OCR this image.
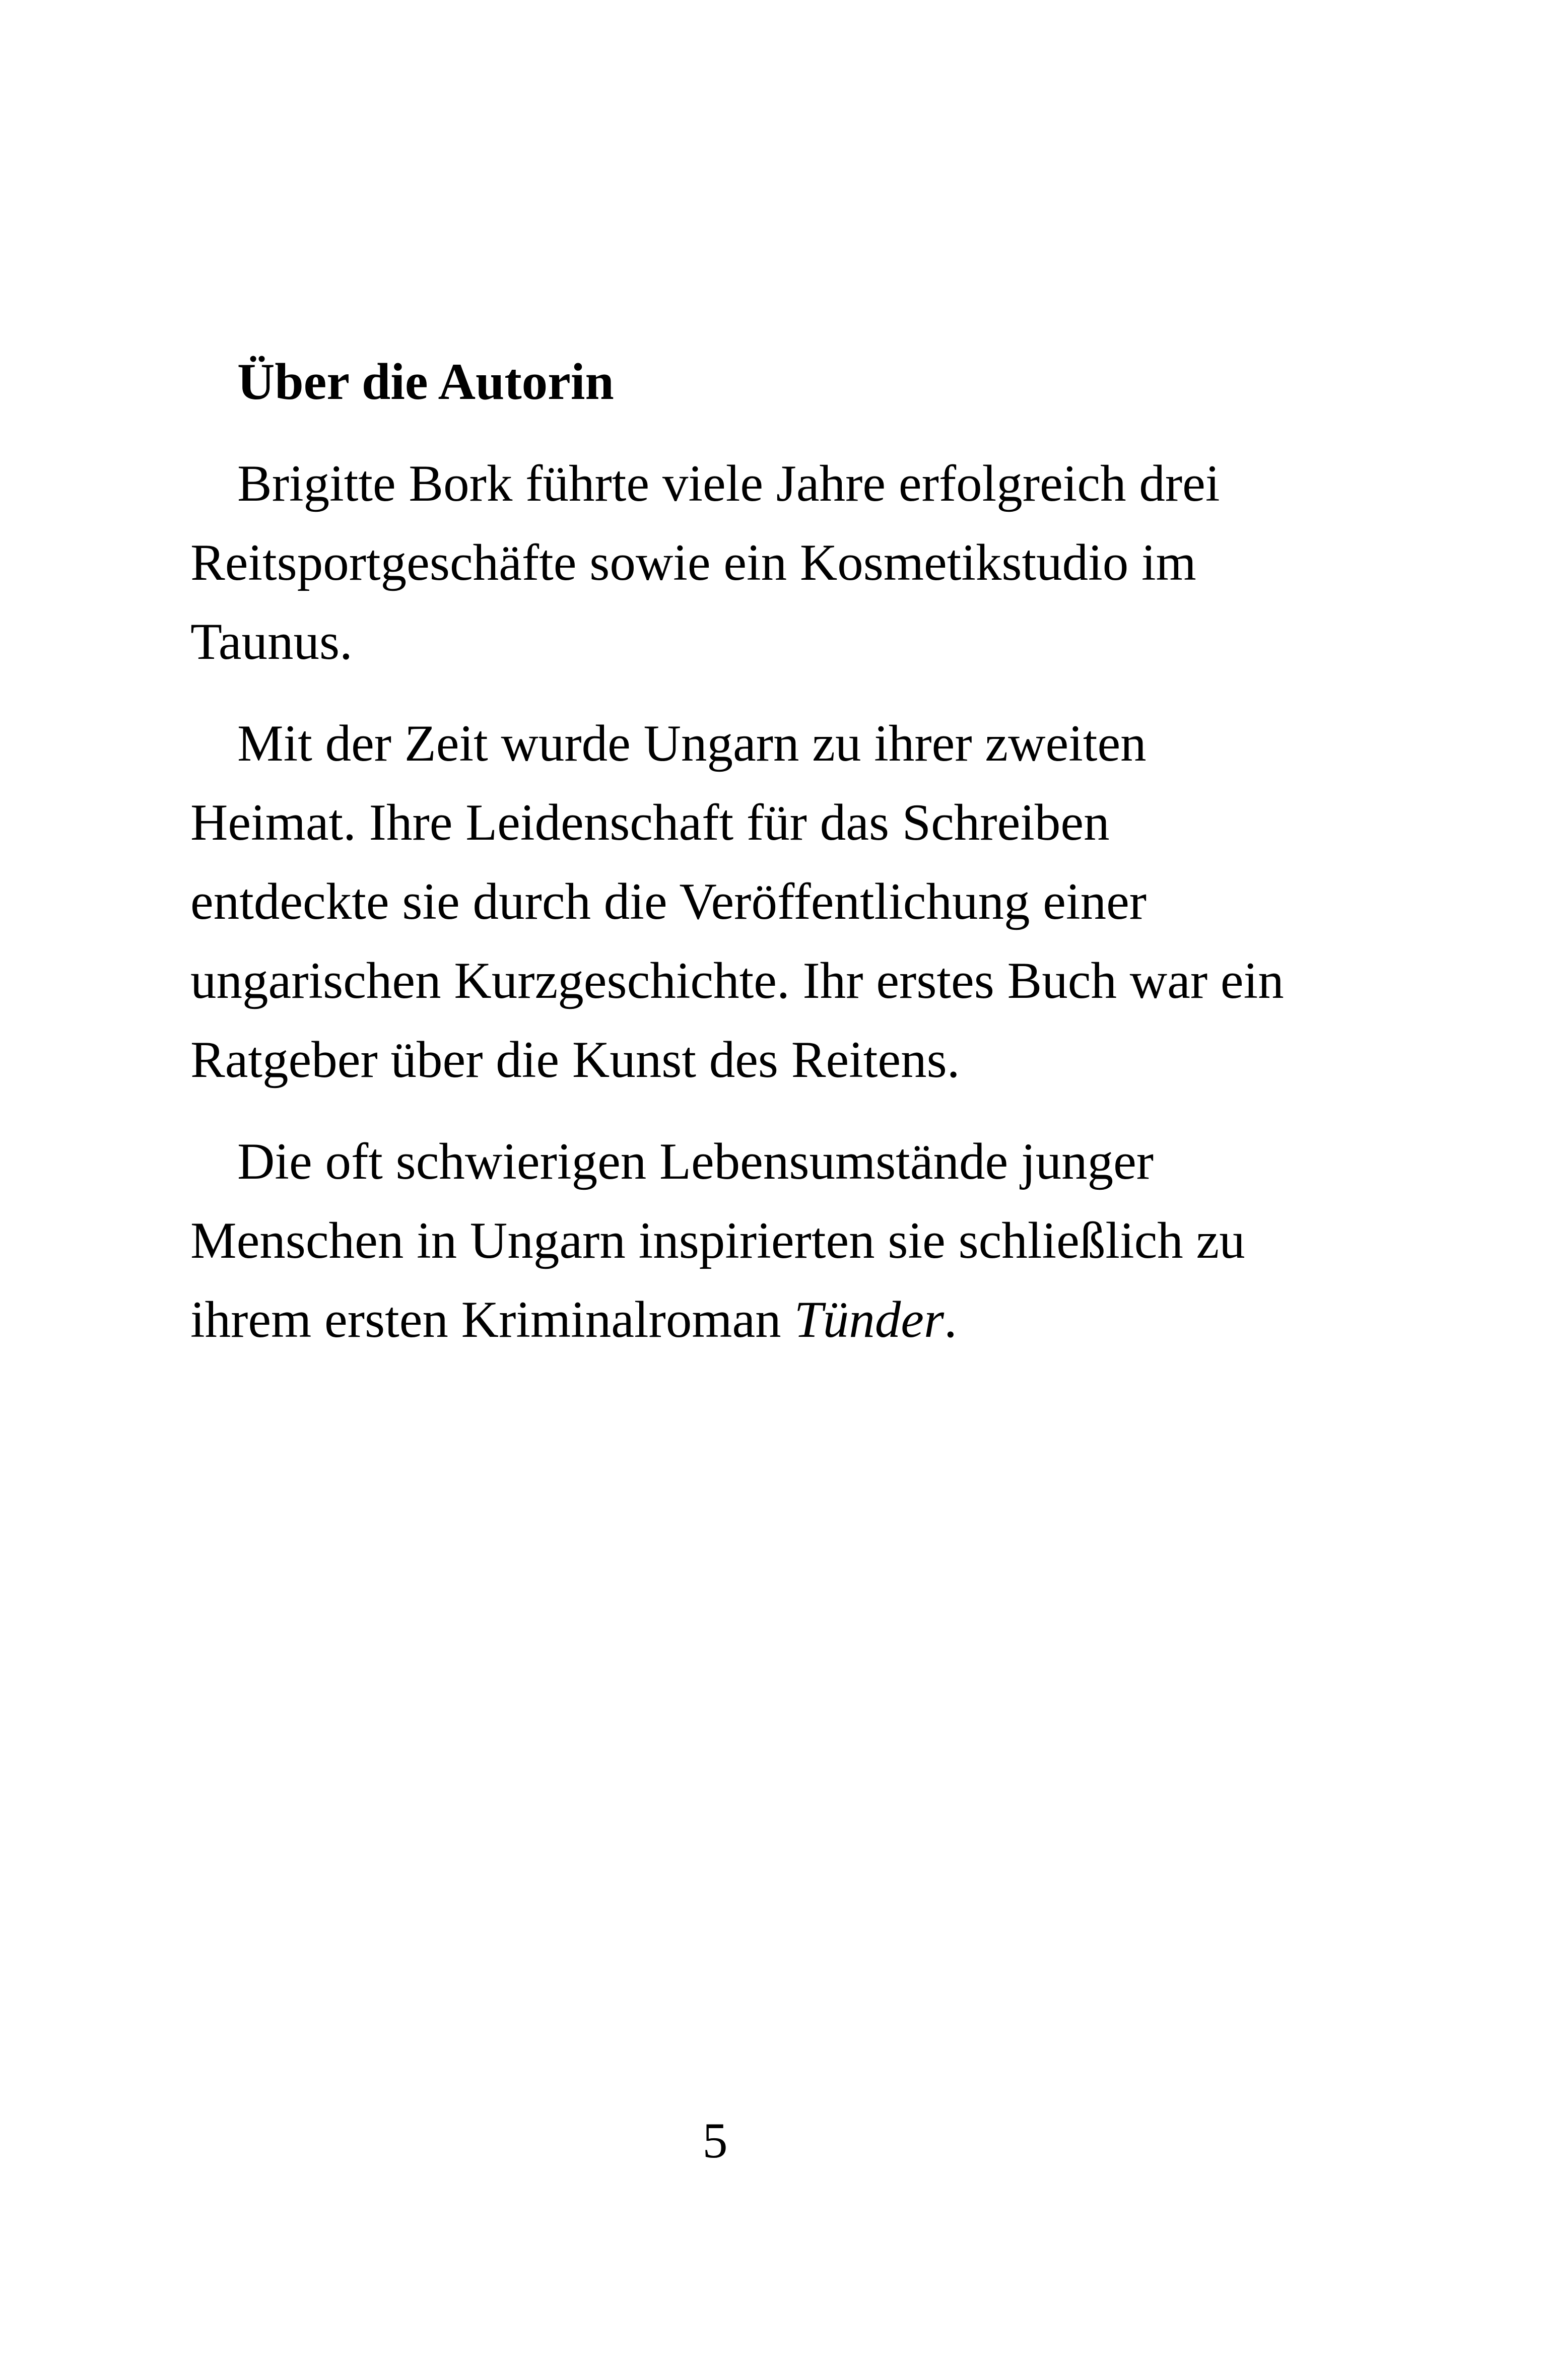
Über die Autorin

Brigitte Bork führte viele Jahre erfolgreich drei
Reitsportgeschäfte sowie ein Kosmetikstudio im
Taunus.

Mit der Zeit wurde Ungarn zu ihrer zweiten
Heimat. Ihre Leidenschaft für das Schreiben
entdeckte sie durch die Veröffentlichung einer
ungarischen Kurzgeschichte. Ihr erstes Buch war ein
Ratgeber über die Kunst des Reitens.

Die oft schwierigen Lebensumstände junger
Menschen in Ungarn inspirierten sie schließlich zu
ihrem ersten Kriminalroman Tünder.

5
